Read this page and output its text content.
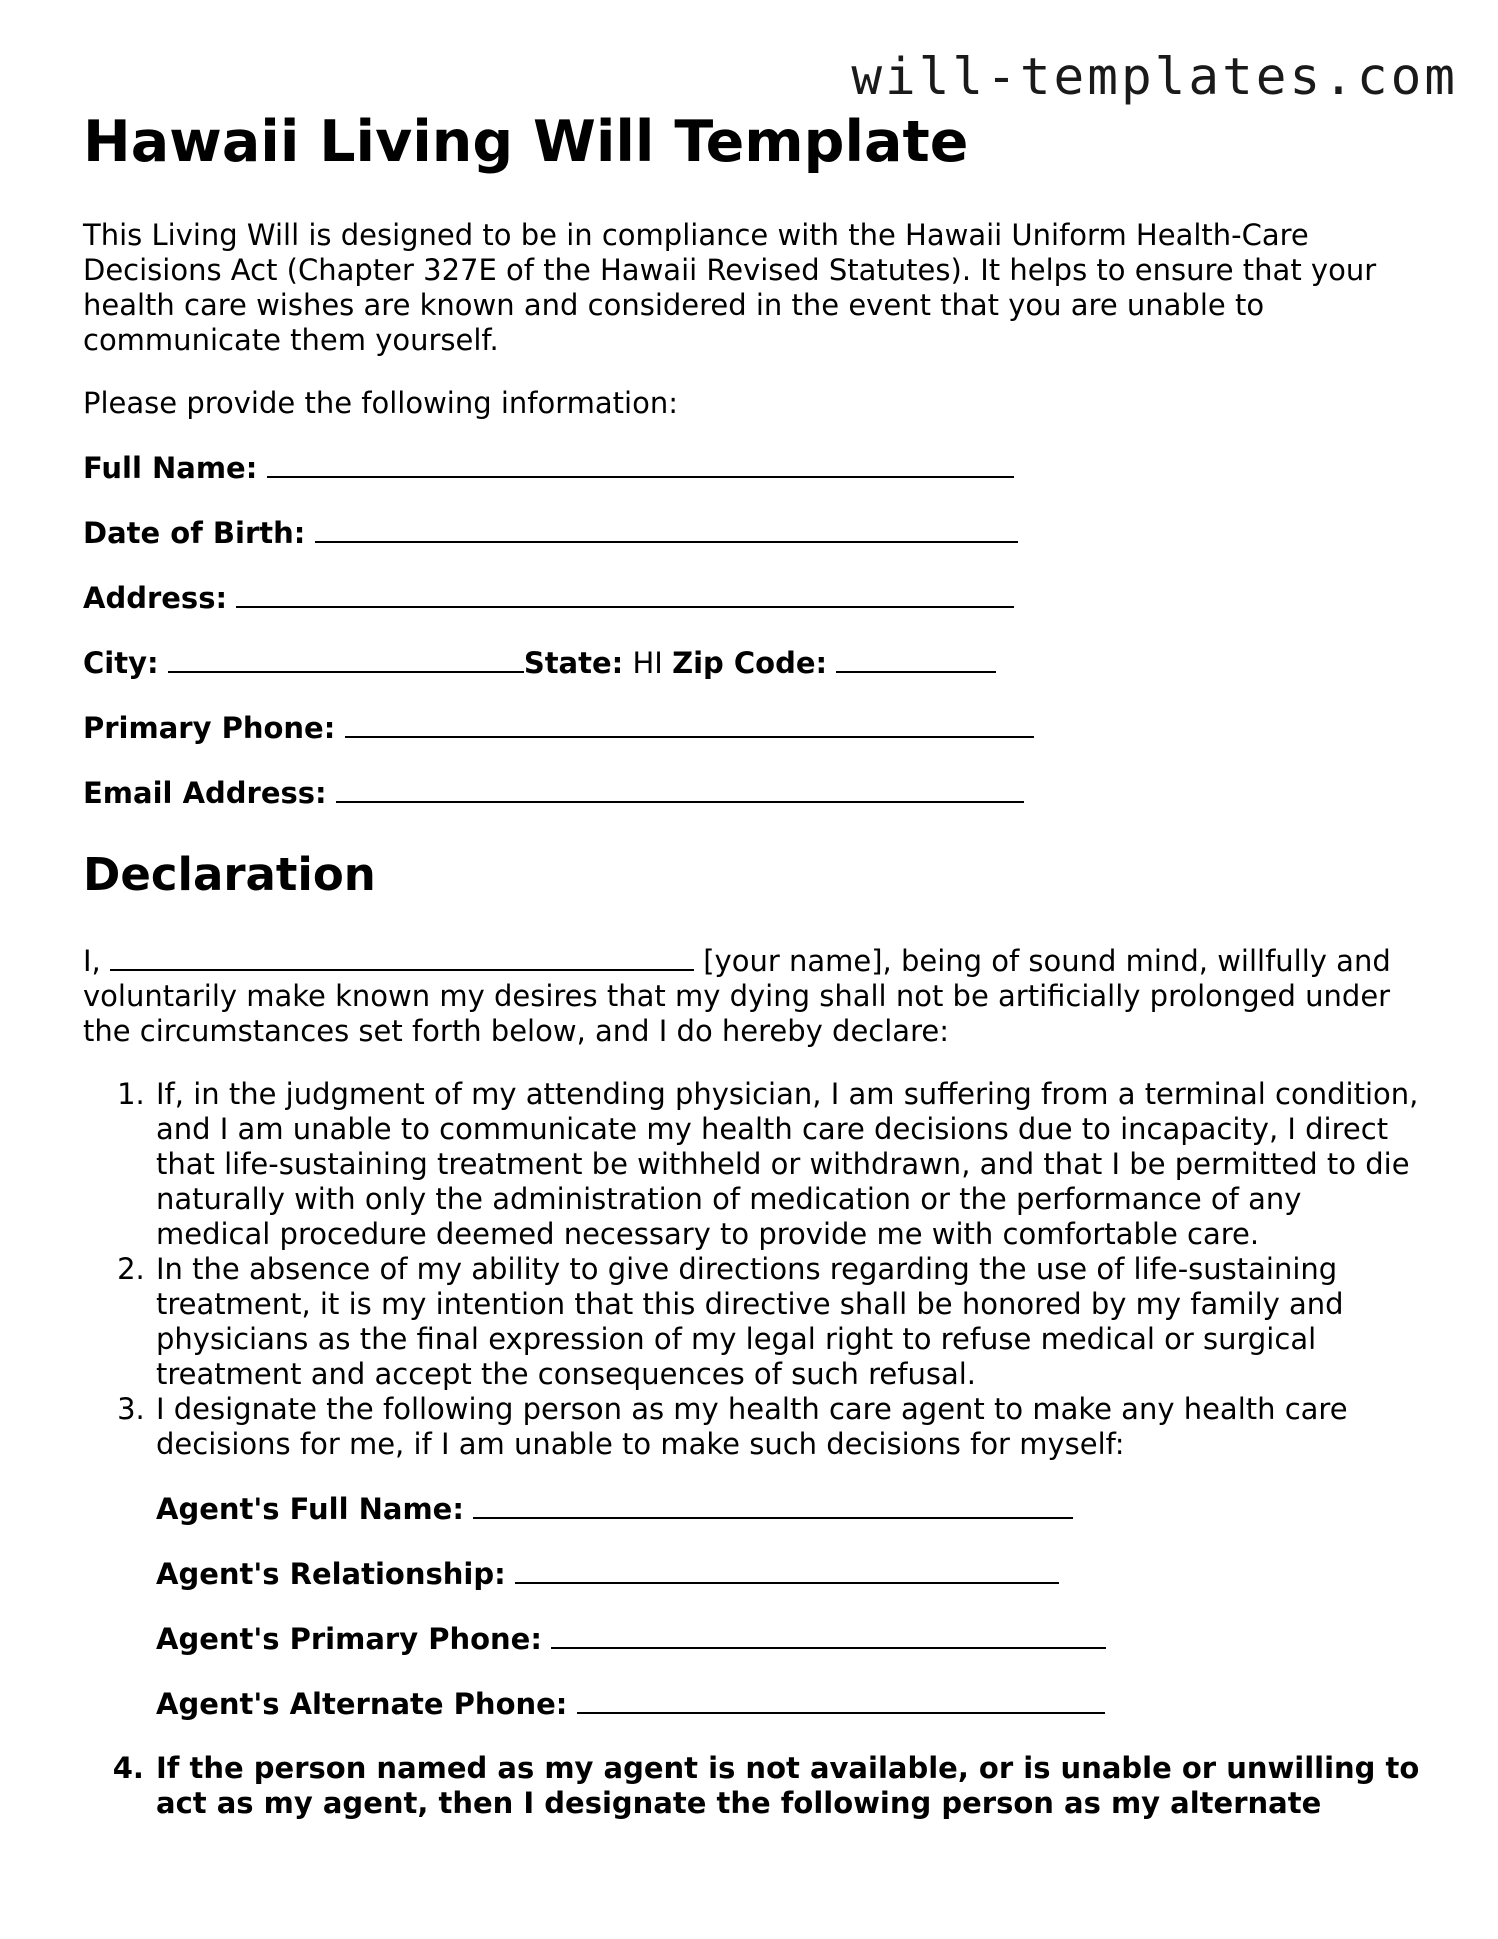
will-templates.com
Hawaii Living Will Template

This Living Will is designed to be in compliance with the Hawaii Uniform Health-Care Decisions Act (Chapter 327E of the Hawaii Revised Statutes). It helps to ensure that your health care wishes are known and considered in the event that you are unable to communicate them yourself.

Please provide the following information:

Full Name:
Date of Birth:
Address:
City:	State: HI Zip Code:
Primary Phone:
Email Address:
Declaration

I,	[your name], being of sound mind, willfully and voluntarily make known my desires that my dying shall not be artificially prolonged under the circumstances set forth below, and I do hereby declare:

1. If, in the judgment of my attending physician, I am suffering from a terminal condition, and I am unable to communicate my health care decisions due to incapacity, I direct that life-sustaining treatment be withheld or withdrawn, and that I be permitted to die naturally with only the administration of medication or the performance of any medical procedure deemed necessary to provide me with comfortable care.
2. In the absence of my ability to give directions regarding the use of life-sustaining treatment, it is my intention that this directive shall be honored by my family and physicians as the final expression of my legal right to refuse medical or surgical treatment and accept the consequences of such refusal.
3. I designate the following person as my health care agent to make any health care decisions for me, if I am unable to make such decisions for myself:
Agent's Full Name:
Agent's Relationship:
Agent's Primary Phone:
Agent's Alternate Phone:
4. If the person named as my agent is not available, or is unable or unwilling to act as my agent, then I designate the following person as my alternate
